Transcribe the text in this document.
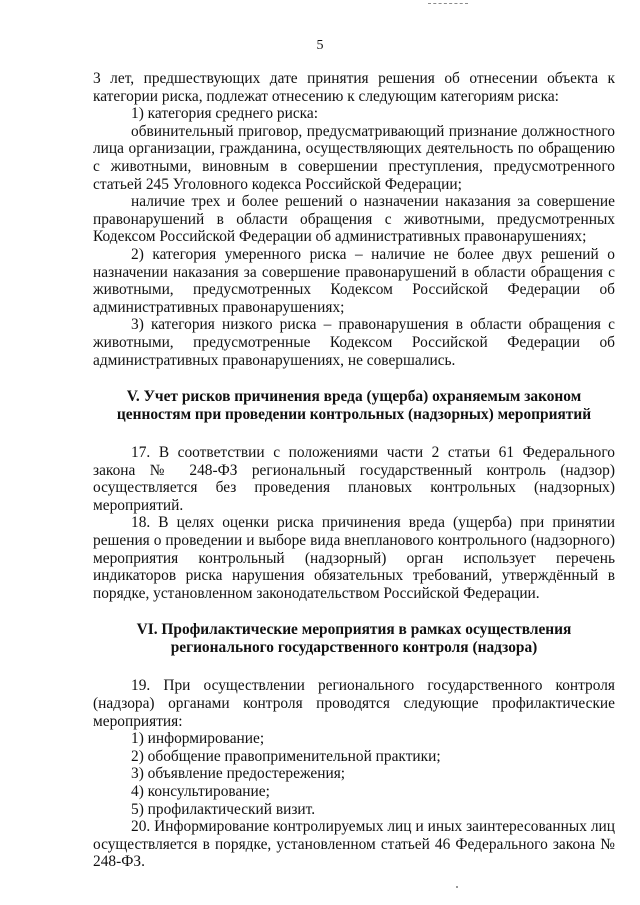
5

3 лет, предшествующих дате принятия решения об отнесении объекта к категории риска, подлежат отнесению к следующим категориям риска:

1) категория среднего риска:

обвинительный приговор, предусматривающий признание должностного лица организации, гражданина, осуществляющих деятельность по обращению с животными, виновным в совершении преступления, предусмотренного статьей 245 Уголовного кодекса Российской Федерации;

наличие трех и более решений о назначении наказания за совершение правонарушений в области обращения с животными, предусмотренных Кодексом Российской Федерации об административных правонарушениях;

2) категория умеренного риска – наличие не более двух решений о назначении наказания за совершение правонарушений в области обращения с животными, предусмотренных Кодексом Российской Федерации об административных правонарушениях;

3) категория низкого риска – правонарушения в области обращения с животными, предусмотренные Кодексом Российской Федерации об административных правонарушениях, не совершались.

V. Учет рисков причинения вреда (ущерба) охраняемым законом
ценностям при проведении контрольных (надзорных) мероприятий

17. В соответствии с положениями части 2 статьи 61 Федерального закона № 248-ФЗ региональный государственный контроль (надзор) осуществляется без проведения плановых контрольных (надзорных) мероприятий.

18. В целях оценки риска причинения вреда (ущерба) при принятии решения о проведении и выборе вида внепланового контрольного (надзорного) мероприятия контрольный (надзорный) орган использует перечень индикаторов риска нарушения обязательных требований, утверждённый в порядке, установленном законодательством Российской Федерации.

VI. Профилактические мероприятия в рамках осуществления
регионального государственного контроля (надзора)

19. При осуществлении регионального государственного контроля (надзора) органами контроля проводятся следующие профилактические мероприятия:

1) информирование;

2) обобщение правоприменительной практики;

3) объявление предостережения;

4) консультирование;

5) профилактический визит.

20. Информирование контролируемых лиц и иных заинтересованных лиц осуществляется в порядке, установленном статьей 46 Федерального закона № 248-ФЗ.
